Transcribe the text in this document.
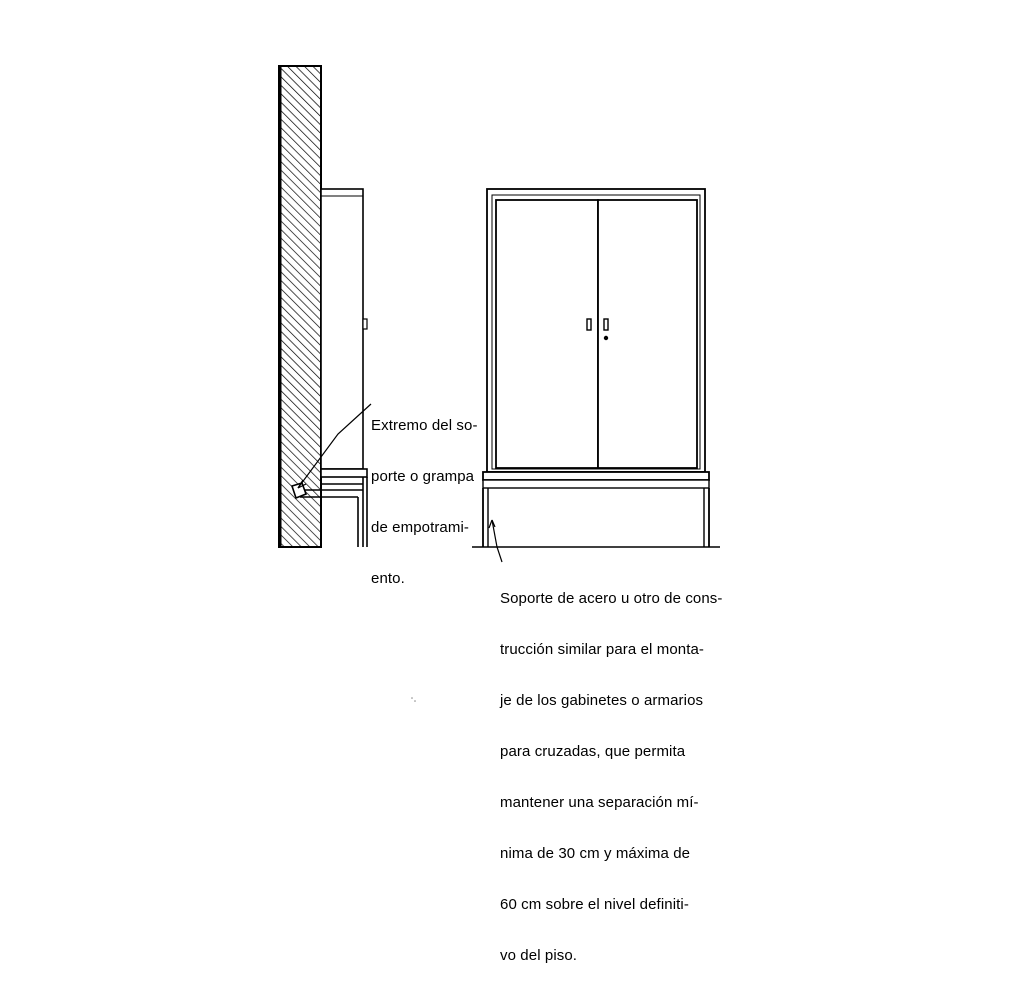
Extremo del so-

porte o grampa

de empotrami-

ento.

Soporte de acero u otro de cons-

trucción similar para el monta-

je de los gabinetes o armarios

para cruzadas, que permita

mantener una separación mí-

nima de 30 cm y máxima de

60 cm sobre el nivel definiti-

vo del piso.
